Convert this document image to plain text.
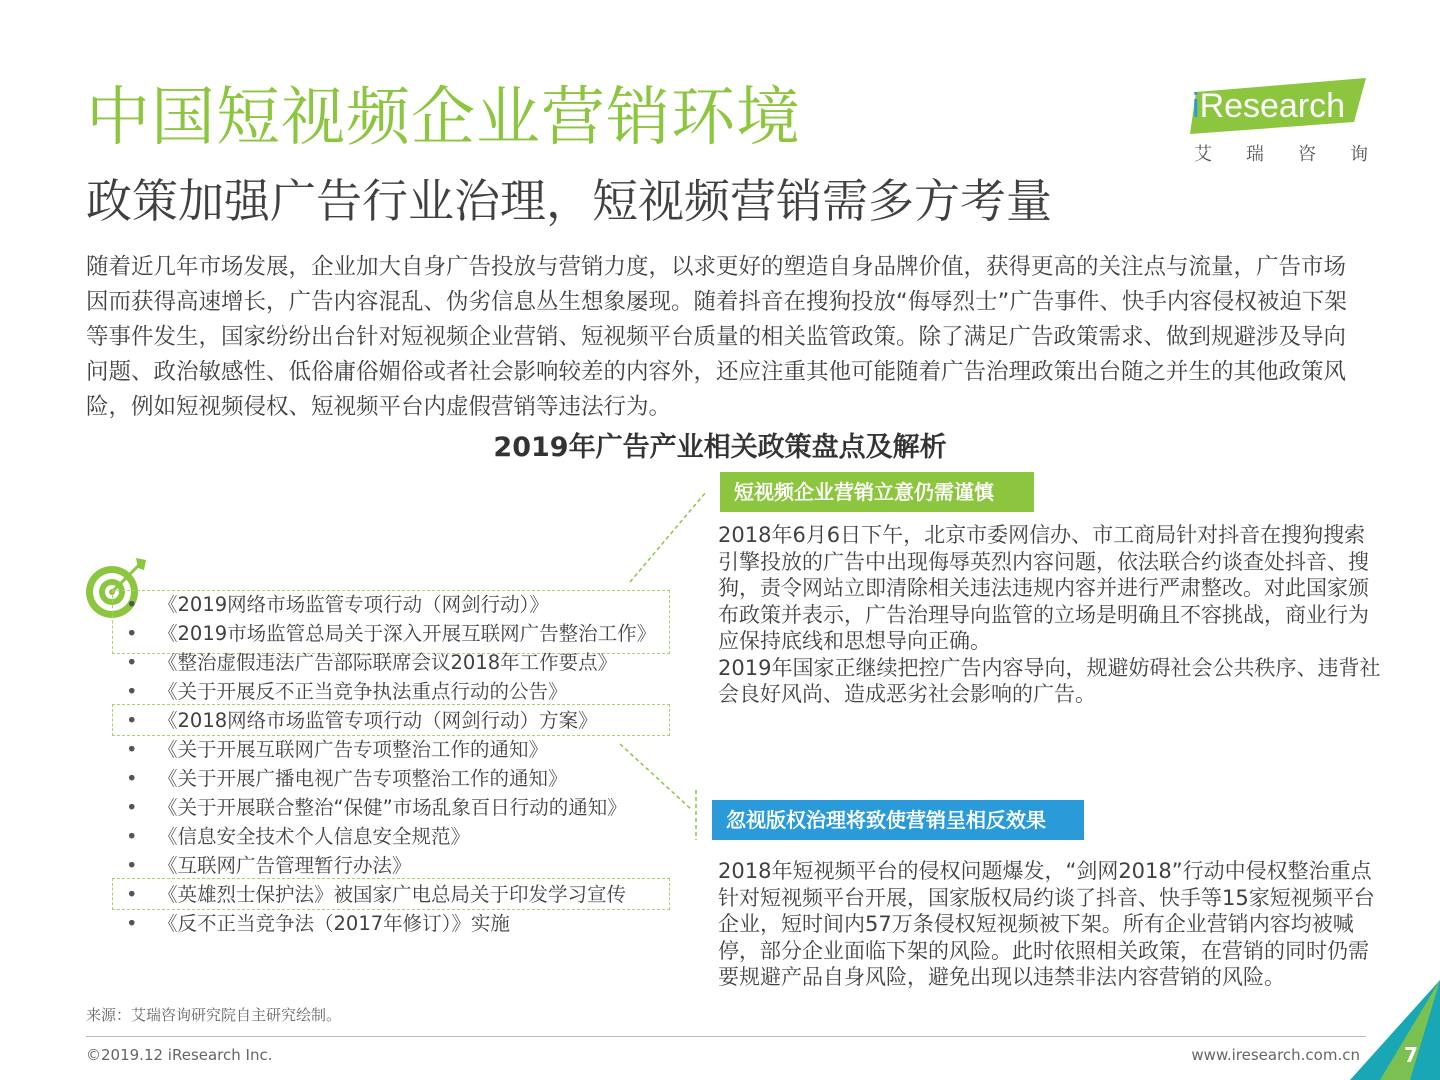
中国短视频企业营销环境
政策加强广告行业治理，短视频营销需多方考量
iResearch
艾 瑞 咨 询
随着近几年市场发展，企业加大自身广告投放与营销力度，以求更好的塑造自身品牌价值，获得更高的关注点与流量，广告市场因而获得高速增长，广告内容混乱、伪劣信息丛生想象屡现。随着抖音在搜狗投放“侮辱烈士”广告事件、快手内容侵权被迫下架等事件发生，国家纷纷出台针对短视频企业营销、短视频平台质量的相关监管政策。除了满足广告政策需求、做到规避涉及导向问题、政治敏感性、低俗庸俗媚俗或者社会影响较差的内容外，还应注重其他可能随着广告治理政策出台随之并生的其他政策风险，例如短视频侵权、短视频平台内虚假营销等违法行为。
2019年广告产业相关政策盘点及解析
• 《2019网络市场监管专项行动（网剑行动）》
• 《2019市场监管总局关于深入开展互联网广告整治工作》
• 《整治虚假违法广告部际联席会议2018年工作要点》
• 《关于开展反不正当竞争执法重点行动的公告》
• 《2018网络市场监管专项行动（网剑行动）方案》
• 《关于开展互联网广告专项整治工作的通知》
• 《关于开展广播电视广告专项整治工作的通知》
• 《关于开展联合整治“保健”市场乱象百日行动的通知》
• 《信息安全技术个人信息安全规范》
• 《互联网广告管理暂行办法》
• 《英雄烈士保护法》被国家广电总局关于印发学习宣传
• 《反不正当竞争法（2017年修订）》实施
短视频企业营销立意仍需谨慎
2018年6月6日下午，北京市委网信办、市工商局针对抖音在搜狗搜索引擎投放的广告中出现侮辱英烈内容问题，依法联合约谈查处抖音、搜狗，责令网站立即清除相关违法违规内容并进行严肃整改。对此国家颁布政策并表示，广告治理导向监管的立场是明确且不容挑战，商业行为应保持底线和思想导向正确。
2019年国家正继续把控广告内容导向，规避妨碍社会公共秩序、违背社会良好风尚、造成恶劣社会影响的广告。
忽视版权治理将致使营销呈相反效果
2018年短视频平台的侵权问题爆发，“剑网2018”行动中侵权整治重点针对短视频平台开展，国家版权局约谈了抖音、快手等15家短视频平台企业，短时间内57万条侵权短视频被下架。所有企业营销内容均被喊停，部分企业面临下架的风险。此时依照相关政策，在营销的同时仍需要规避产品自身风险，避免出现以违禁非法内容营销的风险。
来源：艾瑞咨询研究院自主研究绘制。
©2019.12 iResearch Inc.	www.iresearch.com.cn 7
